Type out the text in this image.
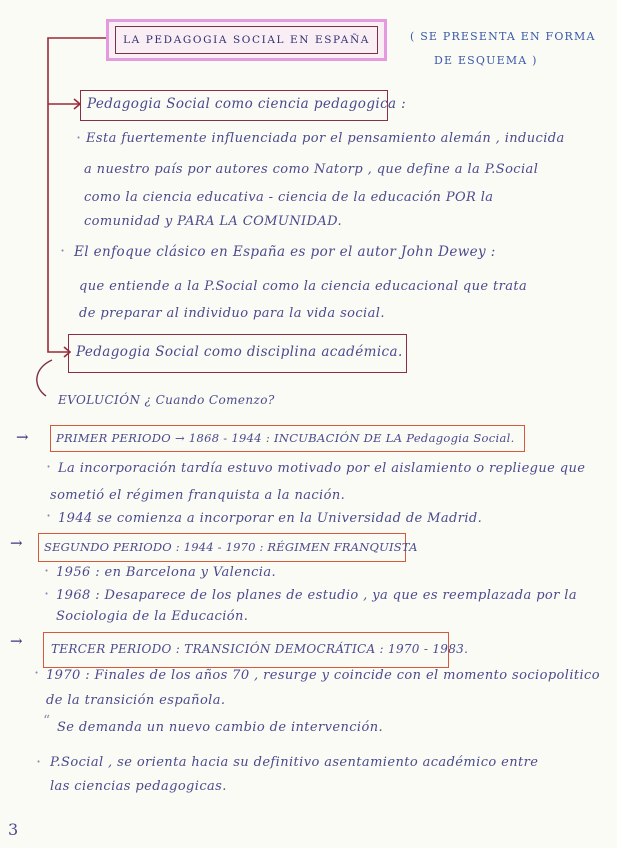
LA PEDAGOGIA SOCIAL EN ESPAÑA	( SE PRESENTA EN FORMA
DE ESQUEMA )
Pedagogia Social como ciencia pedagogica :
· Esta fuertemente influenciada por el pensamiento alemán , inducida
a nuestro país por autores como Natorp , que define a la P.Social
como la ciencia educativa - ciencia de la educación POR la
comunidad y PARA LA COMUNIDAD.
· El enfoque clásico en España es por el autor John Dewey :
que entiende a la P.Social como la ciencia educacional que trata
de preparar al individuo para la vida social.
Pedagogia Social como disciplina académica.
EVOLUCIÓN ¿ Cuando Comenzo?
→ PRIMER PERIODO → 1868 - 1944 : INCUBACIÓN DE LA Pedagogia Social.
· La incorporación tardía estuvo motivado por el aislamiento o repliegue que
sometió el régimen franquista a la nación.
· 1944 se comienza a incorporar en la Universidad de Madrid.
→ SEGUNDO PERIODO : 1944 - 1970 : RÉGIMEN FRANQUISTA
· 1956 : en Barcelona y Valencia.
· 1968 : Desaparece de los planes de estudio , ya que es reemplazada por la
Sociologia de la Educación.
→ TERCER PERIODO : TRANSICIÓN DEMOCRÁTICA : 1970 - 1983.
· 1970 : Finales de los años 70 , resurge y coincide con el momento sociopolitico
de la transición española.
“ Se demanda un nuevo cambio de intervención.
· P.Social , se orienta hacia su definitivo asentamiento académico entre
las ciencias pedagogicas.
3
